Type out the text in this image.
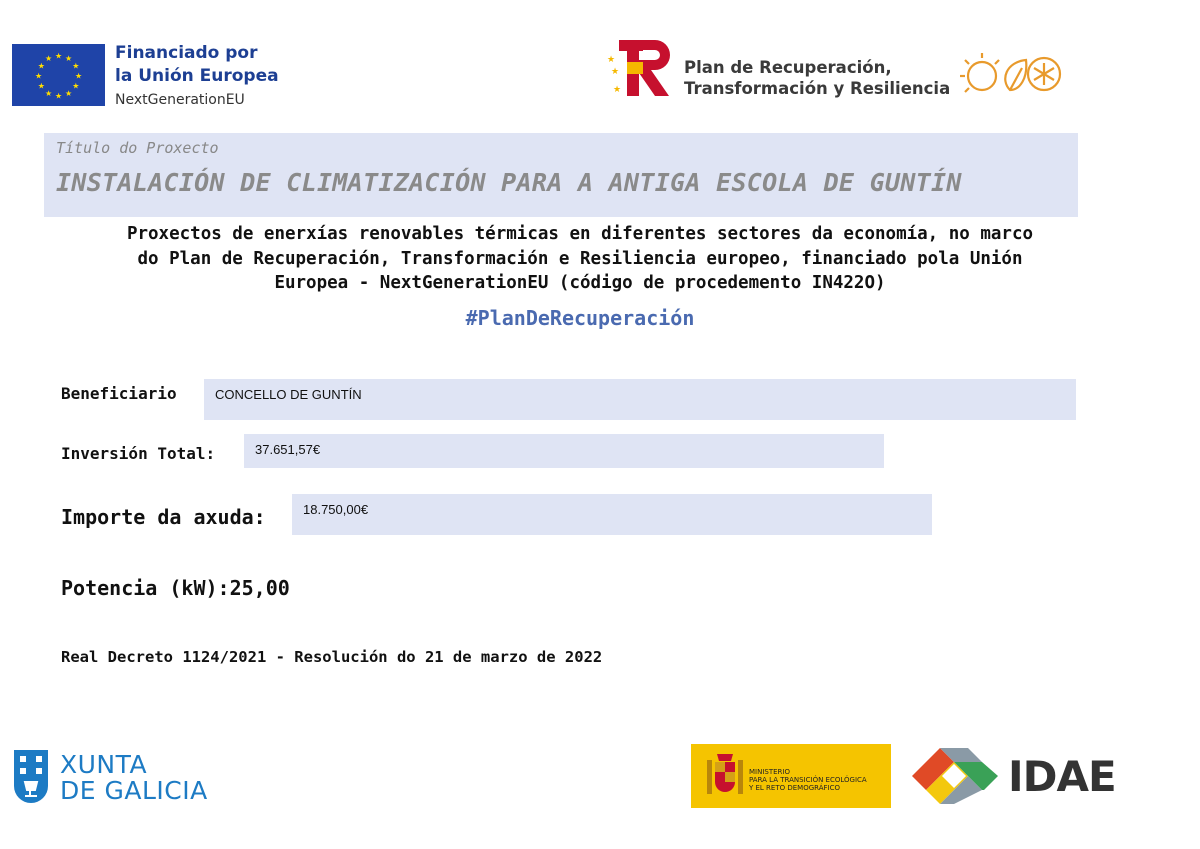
★ ★
★
★
★
★
★
★
★
★
★
★	Financiado por
la Unión Europea
NextGenerationEU
★
★
★
Plan de Recuperación,
Transformación y Resiliencia
Título do Proxecto
INSTALACIÓN DE CLIMATIZACIÓN PARA A ANTIGA ESCOLA DE GUNTÍN
Proxectos de enerxías renovables térmicas en diferentes sectores da economía, no marco
do Plan de Recuperación, Transformación e Resiliencia europeo, financiado pola Unión
Europea - NextGenerationEU (código de procedemento IN422O)
#PlanDeRecuperación
Beneficiario	CONCELLO DE GUNTÍN
Inversión Total:	37.651,57€
Importe da axuda:	18.750,00€
Potencia (kW):25,00
Real Decreto 1124/2021 - Resolución do 21 de marzo de 2022
XUNTA
DE GALICIA
MINISTERIO
PARA LA TRANSICIÓN ECOLÓGICA
Y EL RETO DEMOGRÁFICO	IDAE
